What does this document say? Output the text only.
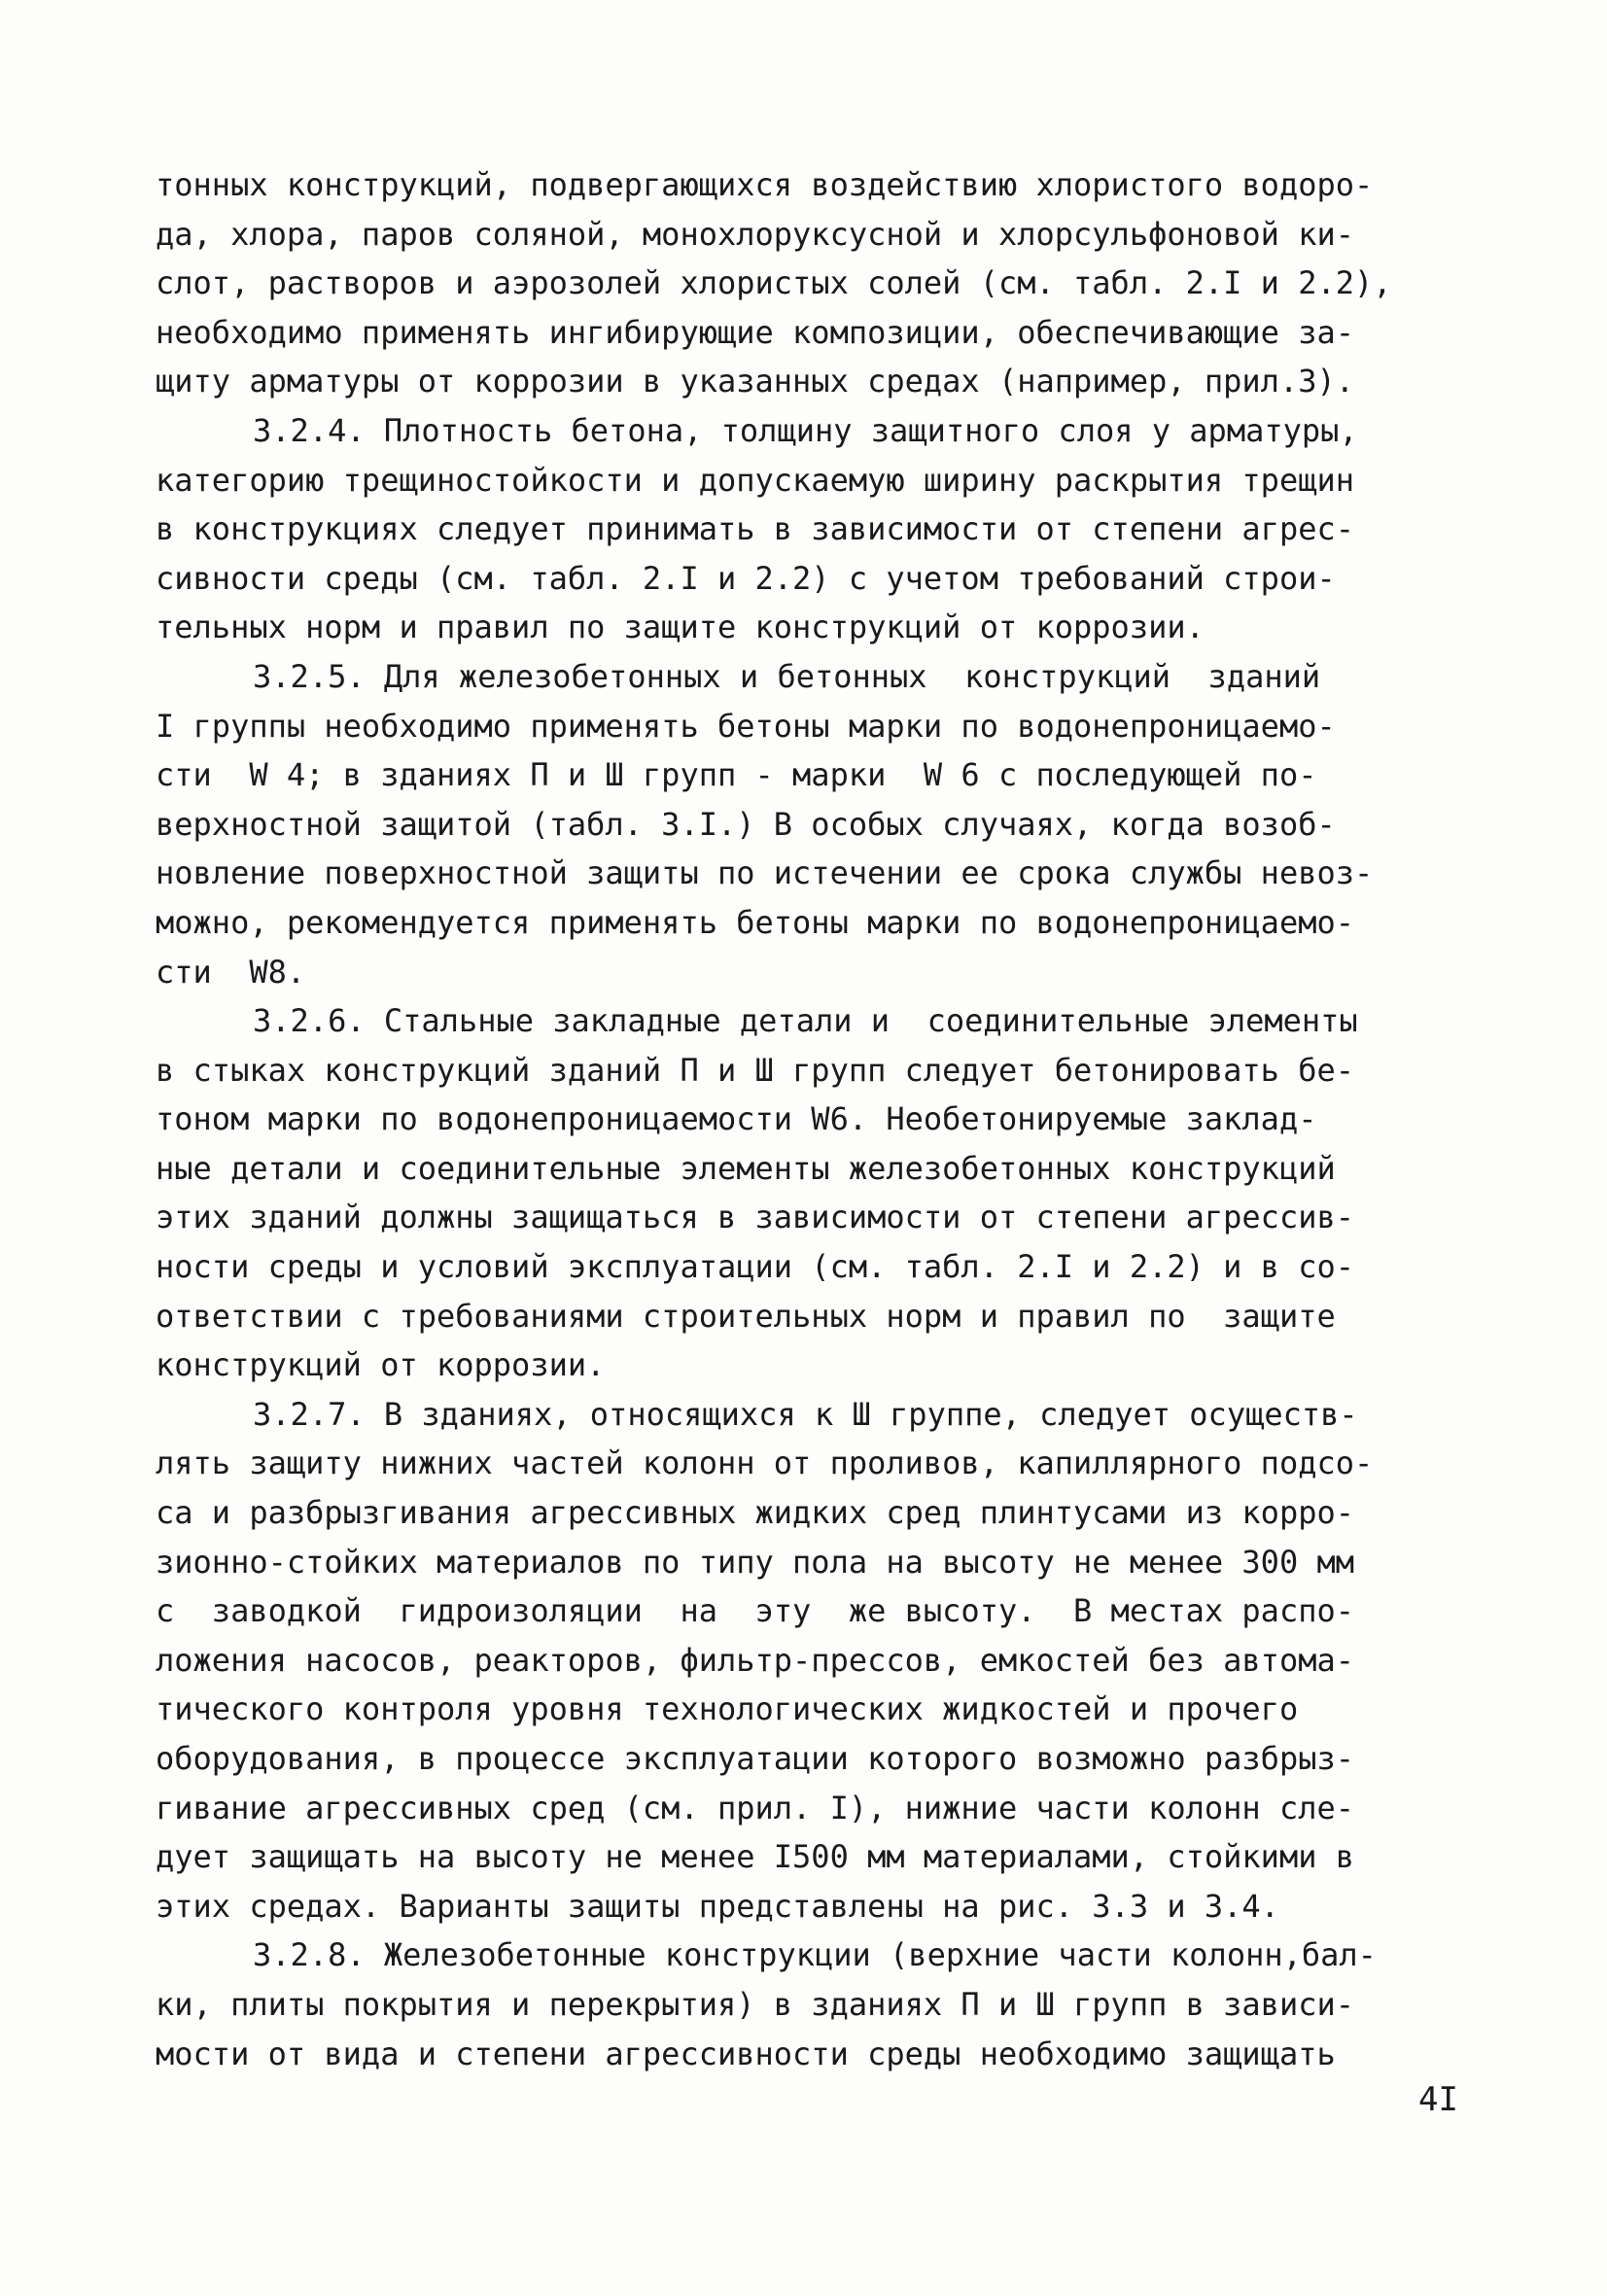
тонных конструкций, подвергающихся воздействию хлористого водоро-
да, хлора, паров соляной, монохлоруксусной и хлорсульфоновой ки-
слот, растворов и аэрозолей хлористых солей (см. табл. 2.I и 2.2),
необходимо применять ингибирующие композиции, обеспечивающие за-
щиту арматуры от коррозии в указанных средах (например, прил.3).
3.2.4. Плотность бетона, толщину защитного слоя у арматуры,
категорию трещиностойкости и допускаемую ширину раскрытия трещин
в конструкциях следует принимать в зависимости от степени агрес-
сивности среды (см. табл. 2.I и 2.2) с учетом требований строи-
тельных норм и правил по защите конструкций от коррозии.
3.2.5. Для железобетонных и бетонных  конструкций  зданий
I группы необходимо применять бетоны марки по водонепроницаемо-
сти  W 4; в зданиях П и Ш групп - марки  W 6 с последующей по-
верхностной защитой (табл. 3.I.) В особых случаях, когда возоб-
новление поверхностной защиты по истечении ее срока службы невоз-
можно, рекомендуется применять бетоны марки по водонепроницаемо-
сти  W8.
3.2.6. Стальные закладные детали и  соединительные элементы
в стыках конструкций зданий П и Ш групп следует бетонировать бе-
тоном марки по водонепроницаемости W6. Необетонируемые заклад-
ные детали и соединительные элементы железобетонных конструкций
этих зданий должны защищаться в зависимости от степени агрессив-
ности среды и условий эксплуатации (см. табл. 2.I и 2.2) и в со-
ответствии с требованиями строительных норм и правил по  защите
конструкций от коррозии.
3.2.7. В зданиях, относящихся к Ш группе, следует осуществ-
лять защиту нижних частей колонн от проливов, капиллярного подсо-
са и разбрызгивания агрессивных жидких сред плинтусами из корро-
зионно-стойких материалов по типу пола на высоту не менее 300 мм
с  заводкой  гидроизоляции  на  эту  же высоту.  В местах распо-
ложения насосов, реакторов, фильтр-прессов, емкостей без автома-
тического контроля уровня технологических жидкостей и прочего
оборудования, в процессе эксплуатации которого возможно разбрыз-
гивание агрессивных сред (см. прил. I), нижние части колонн сле-
дует защищать на высоту не менее I500 мм материалами, стойкими в
этих средах. Варианты защиты представлены на рис. 3.3 и 3.4.
3.2.8. Железобетонные конструкции (верхние части колонн,бал-
ки, плиты покрытия и перекрытия) в зданиях П и Ш групп в зависи-
мости от вида и степени агрессивности среды необходимо защищать
4I
